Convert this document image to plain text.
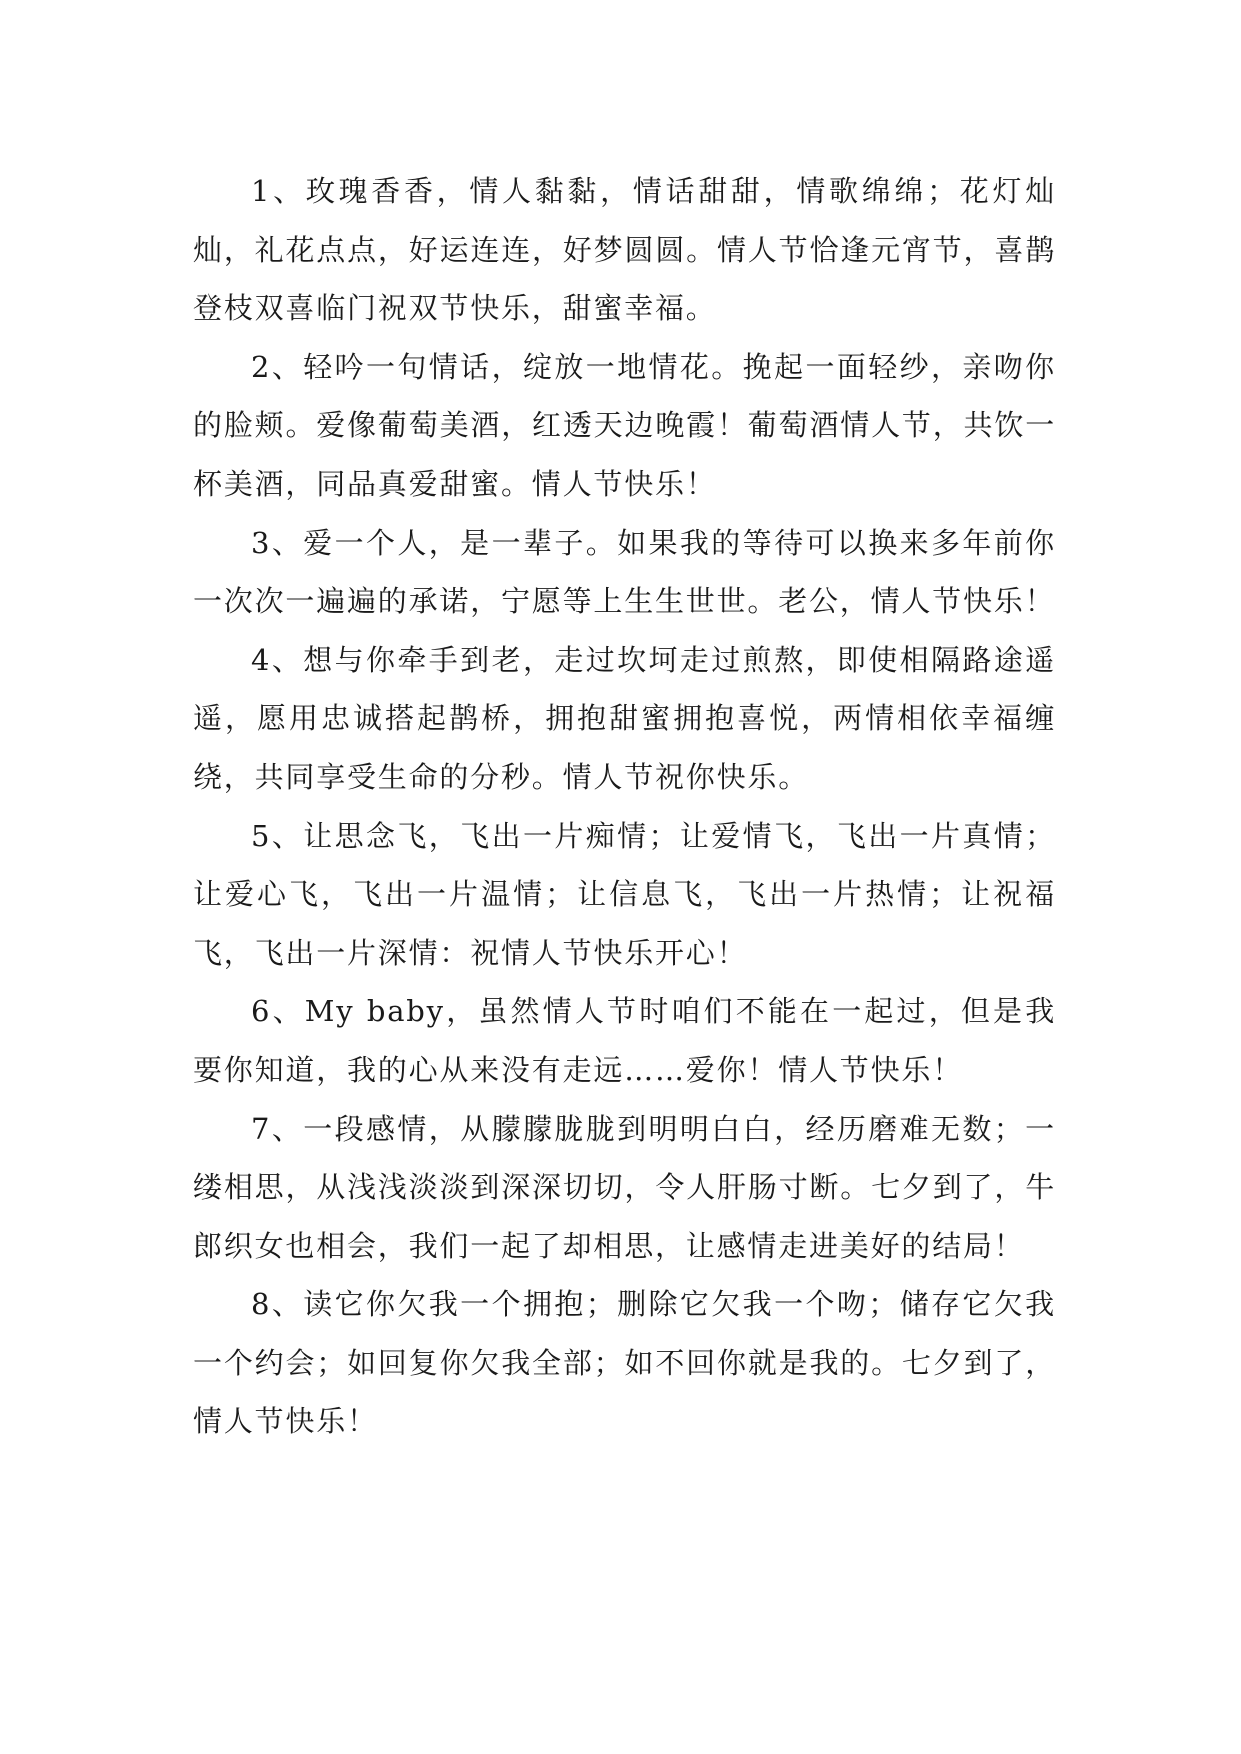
1、玫瑰香香，情人黏黏，情话甜甜，情歌绵绵；花灯灿灿，礼花点点，好运连连，好梦圆圆。情人节恰逢元宵节，喜鹊登枝双喜临门祝双节快乐，甜蜜幸福。

2、轻吟一句情话，绽放一地情花。挽起一面轻纱，亲吻你的脸颊。爱像葡萄美酒，红透天边晚霞！葡萄酒情人节，共饮一杯美酒，同品真爱甜蜜。情人节快乐！

3、爱一个人，是一辈子。如果我的等待可以换来多年前你一次次一遍遍的承诺，宁愿等上生生世世。老公，情人节快乐！

4、想与你牵手到老，走过坎坷走过煎熬，即使相隔路途遥遥，愿用忠诚搭起鹊桥，拥抱甜蜜拥抱喜悦，两情相依幸福缠绕，共同享受生命的分秒。情人节祝你快乐。

5、让思念飞，飞出一片痴情；让爱情飞，飞出一片真情；让爱心飞，飞出一片温情；让信息飞，飞出一片热情；让祝福飞，飞出一片深情：祝情人节快乐开心！

6、My baby，虽然情人节时咱们不能在一起过，但是我要你知道，我的心从来没有走远……爱你！情人节快乐！

7、一段感情，从朦朦胧胧到明明白白，经历磨难无数；一缕相思，从浅浅淡淡到深深切切，令人肝肠寸断。七夕到了，牛郎织女也相会，我们一起了却相思，让感情走进美好的结局！

8、读它你欠我一个拥抱；删除它欠我一个吻；储存它欠我一个约会；如回复你欠我全部；如不回你就是我的。七夕到了，情人节快乐！
